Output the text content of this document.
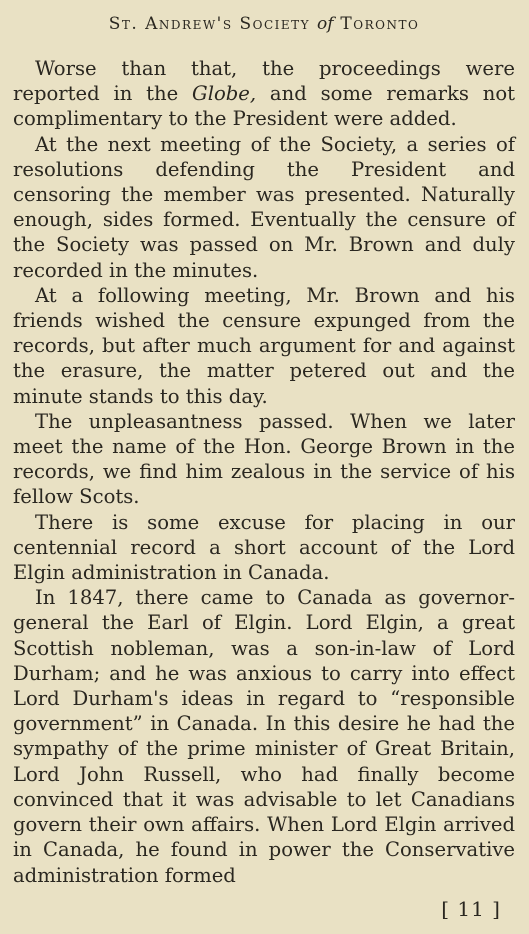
St. Andrew's Society of Toronto

Worse than that, the proceedings were reported in the Globe, and some remarks not complimentary to the President were added.

At the next meeting of the Society, a series of resolutions defending the President and censoring the member was presented. Naturally enough, sides formed. Eventually the censure of the Society was passed on Mr. Brown and duly recorded in the minutes.

At a following meeting, Mr. Brown and his friends wished the censure expunged from the records, but after much argument for and against the erasure, the matter petered out and the minute stands to this day.

The unpleasantness passed. When we later meet the name of the Hon. George Brown in the records, we find him zealous in the service of his fellow Scots.

There is some excuse for placing in our centennial record a short account of the Lord Elgin administration in Canada.

In 1847, there came to Canada as governor-general the Earl of Elgin. Lord Elgin, a great Scottish nobleman, was a son-in-law of Lord Durham; and he was anxious to carry into effect Lord Durham's ideas in regard to “responsible government” in Canada. In this desire he had the sympathy of the prime minister of Great Britain, Lord John Russell, who had finally become convinced that it was advisable to let Canadians govern their own affairs. When Lord Elgin arrived in Canada, he found in power the Conservative administration formed

[ 11 ]
